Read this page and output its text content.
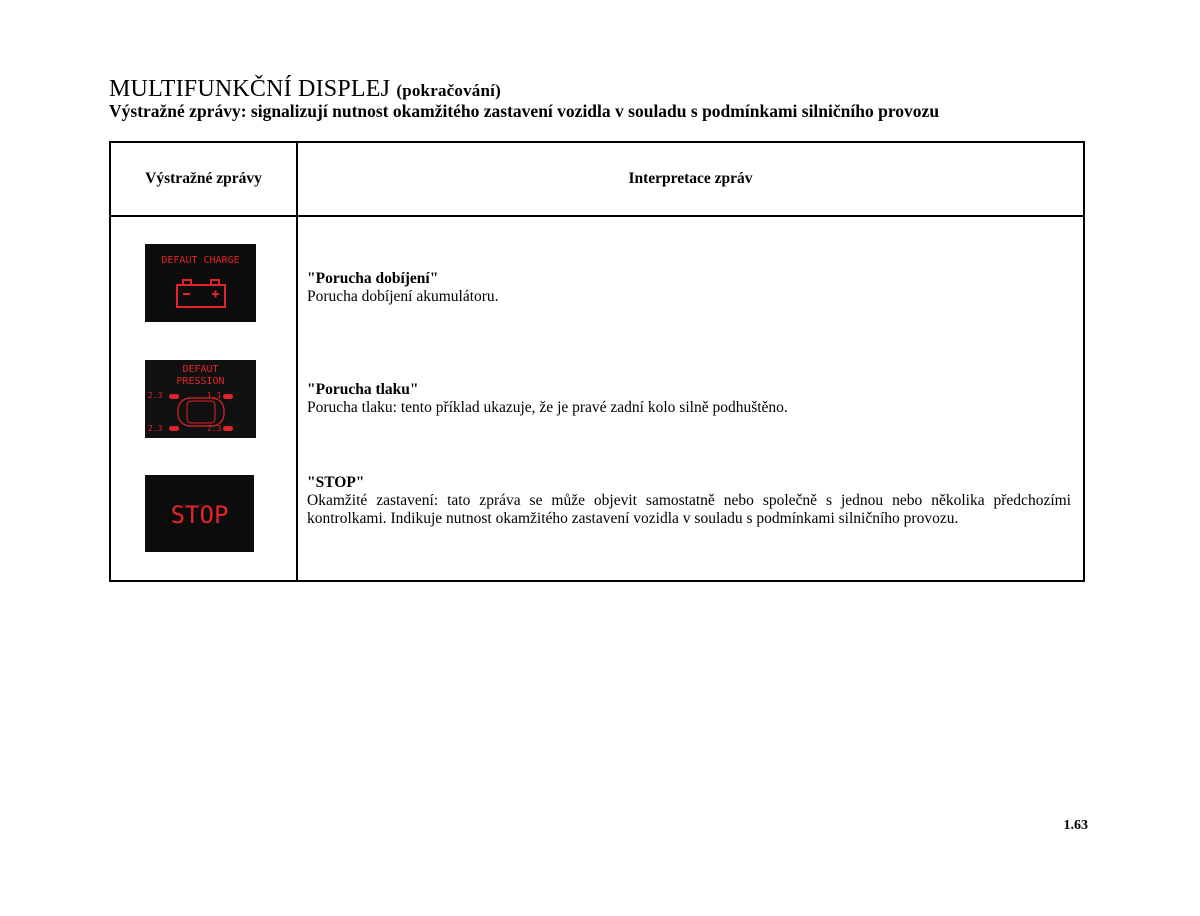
MULTIFUNKČNÍ DISPLEJ (pokračování)
Výstražné zprávy: signalizují nutnost okamžitého zastavení vozidla v souladu s podmínkami silničního provozu
Výstražné zprávy	Interpretace zpráv
DEFAUT CHARGE
"Porucha dobíjení"
Porucha dobíjení akumulátoru.
DEFAUT
PRESSION
2.3	1.1
2.3	2.3
"Porucha tlaku"
Porucha tlaku: tento příklad ukazuje, že je pravé zadní kolo silně podhuštěno.
STOP
"STOP"
Okamžité zastavení: tato zpráva se může objevit samostatně nebo společně s jednou nebo několika předchozími kontrolkami. Indikuje nutnost okamžitého zastavení vozidla v souladu s podmínkami silničního provozu.
1.63
